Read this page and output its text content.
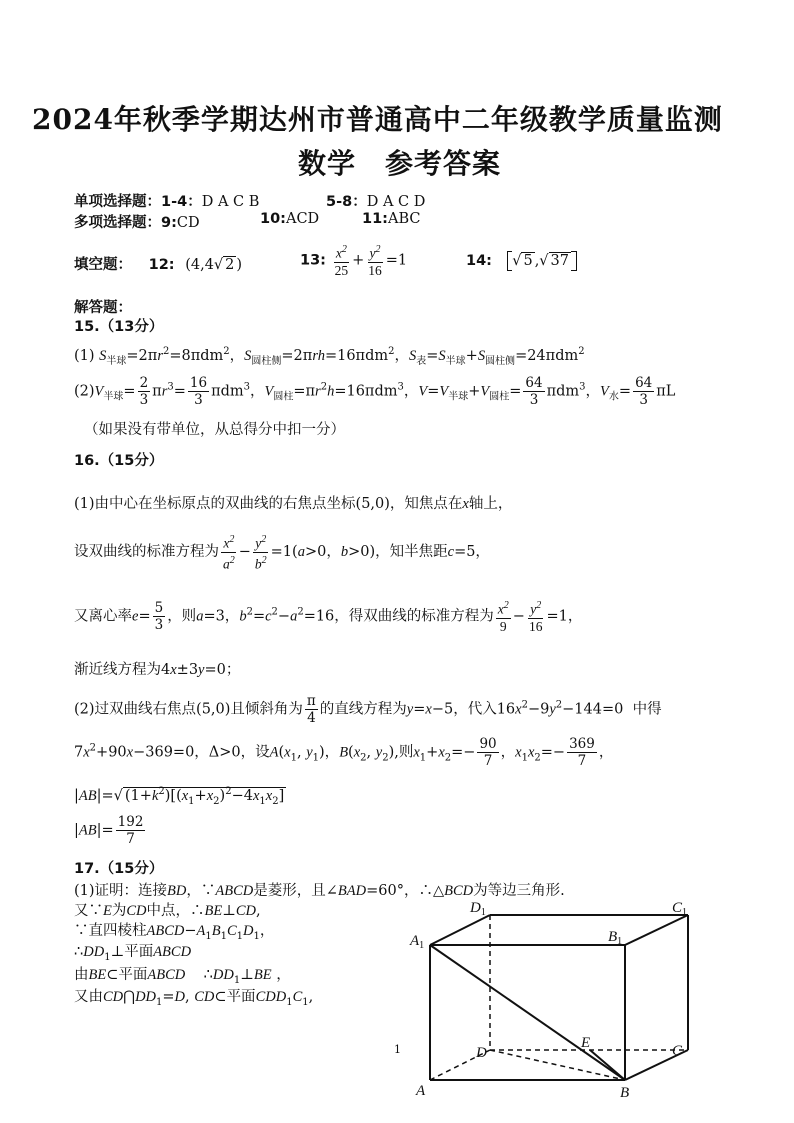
2024年秋季学期达州市普通高中二年级教学质量监测
数学　参考答案
单项选择题：1-4：D A C B	5-8：D A C D
多项选择题：9:CD	10:ACD	11:ABC
填空题： 12: (4,4√ 2 )	13: $\frac{x^2}{25} + \frac{y^2}{16} =1$	14: √ 5 ,√ 37
解答题：
15.（13分）
(1) $S_{半球}=2\pi r^2=8\pi dm^2$，$S_{圆柱侧}=2\pi rh=16\pi dm^2$，$S_表=S_{半球}+S_{圆柱侧}=24\pi dm^2$
$(2)V_{半球}= \frac{2}{3} \pi r^3= \frac{16}{3} \pi dm^3$，$V_{圆柱}=\pi r^2h=16\pi dm^3$，$V=V_{半球}+V_{圆柱}= \frac{64}{3} \pi dm^3$，$V_水= \frac{64}{3}$ πL
（如果没有带单位，从总得分中扣一分）
16.（15分）
(1)由中心在坐标原点的双曲线的右焦点坐标(5,0)，知焦点在x轴上，
设双曲线的标准方程为 $\frac{x^2}{a^2} - \frac{y^2}{b^2} =1(a>0$，b>0)，知半焦距c=5，
又离心率$e= \frac{5}{3}$ ，则a=3，$b^2=c^2-a^2=16$，得双曲线的标准方程为 $\frac{x^2}{9} - \frac{y^2}{16} =1$，
渐近线方程为4x±3y=0；
(2)过双曲线右焦点(5,0)且倾斜角为 $\frac{\pi}{4}$ 的直线方程为y=x−5，代入$16x^2-9y^2-144=0$  中得
$7x^2+90x-369=0$，Δ>0，设$A(x_1$, $y_1$)，$B(x_2$, $y_2$),则$x_1+x_2=- \frac{90}{7}$ ，$x_1x_2=- \frac{369}{7}$ ，
|AB|=√ $(1+k^2)[(x_1+x_2)^2-4x_1x_2]$
$|AB|= \frac{192}{7}$
17.（15分）
(1)证明：连接BD，∵ABCD是菱形，且∠BAD=60°，∴△BCD为等边三角形.
又∵E为CD中点，∴BE⊥CD,
∵直四棱柱$ABCD-A_1B_1C_1D_1$，
$\therefore DD_1\perp$平面ABCD
由BE⊂平面ABCD    $\therefore DD_1\perp BE$ ，
又由$CD⋂DD_1=D$, CD⊂平面$CDD_1C_1$,
$D_1$	$C_1$
$A_1$
$B_1$
D
E	C
A	B
1
